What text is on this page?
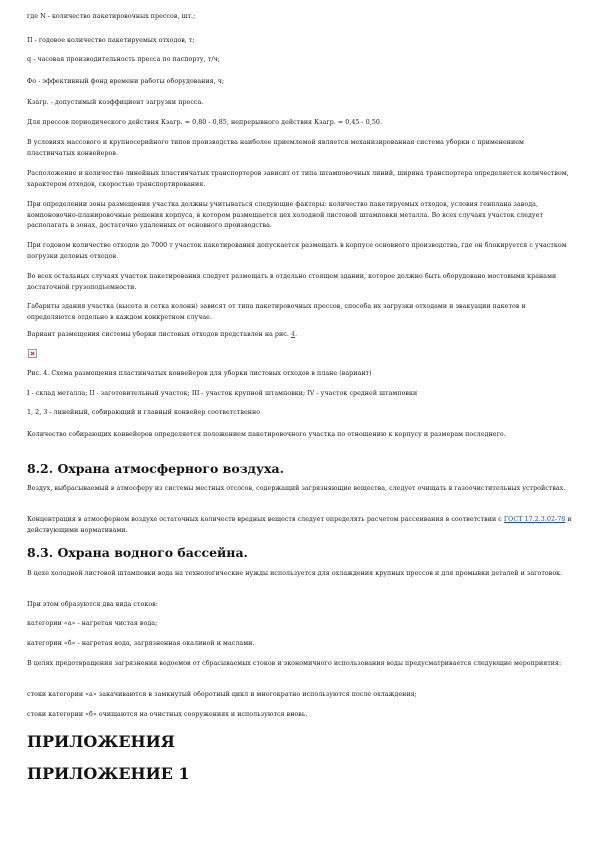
где N - количество пакетировочных прессов, шт.;

П - годовое количество пакетируемых отходов, т;

q - часовая производительность пресса по паспорту, т/ч;

Фо - эффективный фонд времени работы оборудования, ч;

Кзагр. - допустимый коэффициент загрузки пресса.

Для прессов периодического действия Кзагр. = 0,80 - 0,85, непрерывного действия Кзагр. = 0,45 - 0,50.

В условиях массового и крупносерийного типов производства наиболее приемлемой является механизированная система уборки с применением пластинчатых конвейеров.

Расположение и количество линейных пластинчатых транспортеров зависит от типа штамповочных линий, ширина транспортера определяется количеством, характером отходов, скоростью транспортирования.

При определении зоны размещения участка должны учитываться следующие факторы: количество пакетируемых отходов, условия генплана завода, компоновочно-планировочные решения корпуса, в котором размещается цех холодной листовой штамповки металла. Во всех случаях участок следует располагать в зонах, достаточно удаленных от основного производства.

При годовом количестве отходов до 7000 т участок пакетирования допускается размещать в корпусе основного производства, где он блокируется с участком погрузки деловых отходов.

Во всех остальных случаях участок пакетирования следует размещать в отдельно стоящем здании, которое должно быть оборудовано мостовыми кранами достаточной грузоподъемности.

Габариты здания участка (высота и сетка колонн) зависят от типа пакетировочных прессов, способа их загрузки отходами и эвакуации пакетов и определяются отдельно в каждом конкретном случае.

Вариант размещения системы уборки листовых отходов представлен на рис. 4.

Рис. 4. Схема размещения пластинчатых конвейеров для уборки листовых отходов в плане (вариант)

I - склад металла; II - заготовительный участок; III - участок крупной штамповки; IV - участок средней штамповки

1, 2, 3 - линейный, собирающий и главный конвейер соответственно

Количество собирающих конвейеров определяется положением пакетировочного участка по отношению к корпусу и размерам последнего.

8.2. Охрана атмосферного воздуха.

Воздух, выбрасываемый в атмосферу из системы местных отсосов, содержащий загрязняющие вещества, следует очищать в газоочистительных устройствах.

Концентрация в атмосферном воздухе остаточных количеств вредных веществ следует определять расчетом рассеивания в соответствии с ГОСТ 17.2.3.02-78 и действующими нормативами.

8.3. Охрана водного бассейна.

В цехе холодной листовой штамповки вода на технологические нужды используется для охлаждения крупных прессов и для промывки деталей и заготовок.

При этом образуются два вида стоков:

категории «а» - нагретая чистая вода;

категории «б» - нагретая вода, загрязненная окалиной и маслами.

В целях предотвращения загрязнения водоемов от сбрасываемых стоков и экономичного использования воды предусматривается следующие мероприятия:

стоки категории «а» закачиваются в замкнутый оборотный цикл и многократно используются после охлаждения;

стоки категории «б» очищаются на очистных сооружениях и используются вновь.

ПРИЛОЖЕНИЯ
ПРИЛОЖЕНИЕ 1
